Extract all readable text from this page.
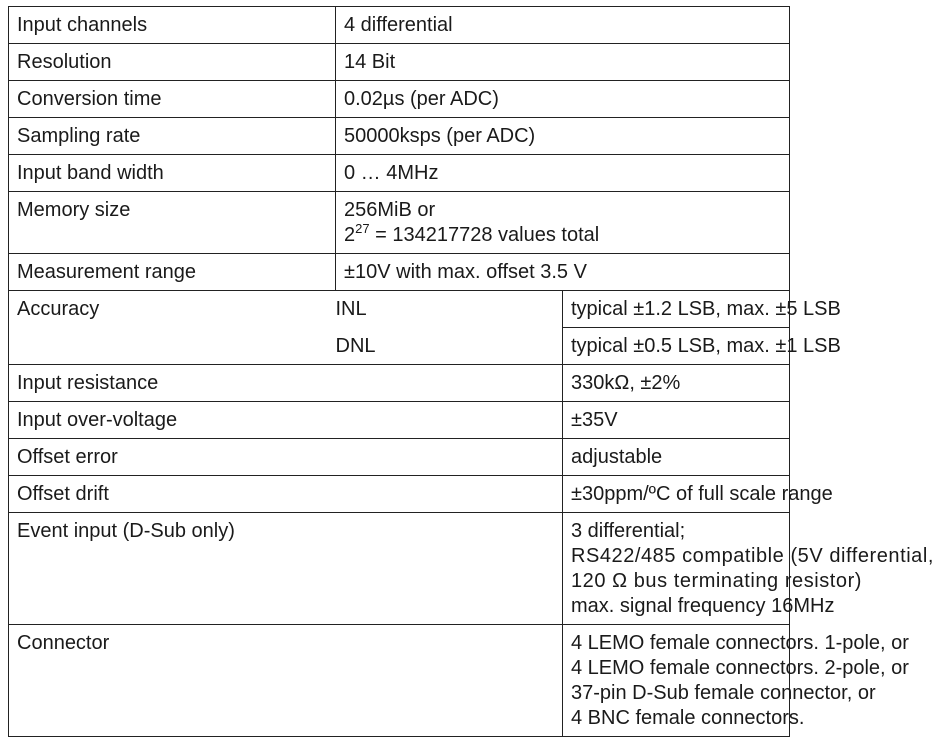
Input channels	4 differential	
Resolution	14 Bit	
Conversion time	0.02µs (per ADC)	
Sampling rate	50000ksps (per ADC)	
Input band width	0 … 4MHz	
Memory size	256MiB or
$2^{27} = 134217728$ values total	

Measurement range	±10V with max. offset 3.5 V	
Accuracy	INL	typical ±1.2 LSB, max. ±5 LSB
	DNL	typical ±0.5 LSB, max. ±1 LSB
Input resistance		330kΩ, ±2%
Input over-voltage		±35V
Offset error		adjustable
Offset drift		±30ppm/ºC of full scale range
Event input (D-Sub only)		3 differential;
RS422/485 compatible (5V differential,
120 Ω bus terminating resistor)
max. signal frequency 16MHz

Connector		4 LEMO female connectors. 1-pole, or
4 LEMO female connectors. 2-pole, or
37-pin D-Sub female connector, or
4 BNC female connectors.
